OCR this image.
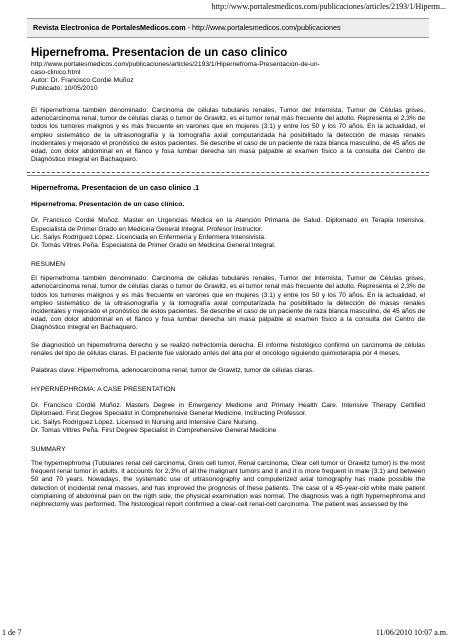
http://www.portalesmedicos.com/publicaciones/articles/2193/1/Hiperm...
Revista Electronica de PortalesMedicos.com - http://www.portalesmedicos.com/publicaciones
Hipernefroma. Presentacion de un caso clinico
http://www.portalesmedicos.com/publicaciones/articles/2193/1/Hipernefroma-Presentacion-de-un-
caso-clinico.html
Autor: Dr. Francisco Cordié Muñoz
Publicado: 10/05/2010
El hipernefroma también denominado: Carcinoma de células tubulares renales, Tumor del Internista, Tumor de Células grises, adenocarcinoma renal, tumor de células claras o tumor de Grawitz, es el tumor renal más frecuente del adulto. Representa el 2,3% de todos los tumores malignos y es más frecuente en varones que en mujeres (3:1) y entre los 50 y los 70 años. En la actualidad, el empleo sistemático de la ultrasonografía y la tomografía axial computarizada ha posibilitado la detección de masas renales incidentales y mejorado el pronóstico de estos pacientes. Se describe el caso de un paciente de raza blanca masculino, de 45 años de edad, con dolor abdominal en el flanco y fosa lumbar derecha sin masa palpable al examen físico a la consulta del Centro de Diagnóstico Integral en Bachaquero.
Hipernefroma. Presentacion de un caso clinico .1
Hipernefroma. Presentación de un caso clínico.
Dr. Francisco Cordié Muñoz. Master en Urgencias Médica en la Atención Primaria de Salud. Diplomado en Terapia Intensiva. Especialista de Primer Grado en Medicina General Integral. Profesor Instructor.
Lic. Sailys Rodríguez López. Licenciada en Enfermería y Enfermera Intensivista.
Dr. Tomás Viltres Peña. Especialista de Primer Grado en Medicina General Integral.
RESUMEN
El hipernefroma también denominado: Carcinoma de células tubulares renales, Tumor del Internista, Tumor de Células grises, adenocarcinoma renal, tumor de células claras o tumor de Grawitz, es el tumor renal más frecuente del adulto. Representa el 2,3% de todos los tumores malignos y es más frecuente en varones que en mujeres (3:1) y entre los 50 y los 70 años. En la actualidad, el empleo sistemático de la ultrasonografía y la tomografía axial computarizada ha posibilitado la detección de masas renales incidentales y mejorado el pronóstico de estos pacientes. Se describe el caso de un paciente de raza blanca masculino, de 45 años de edad, con dolor abdominal en el flanco y fosa lumbar derecha sin masa palpable al examen físico a la consulta del Centro de Diagnóstico Integral en Bachaquero.
Se diagnosticó un hipernefroma derecho y se realizó nefrectomía derecha. El informe histológico confirmó un carcinoma de células renales del tipo de células claras. El paciente fue valorado antes del alta por el oncólogo siguiendo quimioterapia por 4 meses.
Palabras clave: Hipernefroma, adenocarcinoma renal, tumor de Grawitz, tumor de células claras.
HYPERNEPHROMA: A CASE PRESENTATION
Dr. Francisco Cordié Muñoz. Masters Degree in Emergency Medicine and Primary Health Care. Intensive Therapy Certified Diplomaed. First Degree Specialist in Comprehensive General Medicine. Instructing Professor.
Lic. Sailys Rodríguez López. Licensed in Nursing and Intensive Care Nursing.
Dr. Tomas Viltres Peña. First Degree Specialist in Comprehensive General Medicine
SUMMARY
The hypernephroma (Tubulares renal cell carcinoma, Greis cell tumor, Renal carcinoma, Clear cell tumor or Grawitz tumor) is the most frequent renal tumor in adults. It accounts for 2.3% of all the malignant tumors and it and it is more frequent in male (3:1) and between 50 and 70 years. Nowadays, the systematic use of ultrasonography and computerized axial tomography has made possible the detection of incidental renal masses, and has improved the prognosis of these patients. The case of a 45-year-old white male patient complaining of abdominal pain on the rigth side, the physical examination was normal. The diagnosis was a rigth hypernephroma and nephrectomy was performed. The histological report confirmed a clear-cell renal-cell carcinoma. The patient was assessed by the
1 de 7	11/06/2010 10:07 a.m.
